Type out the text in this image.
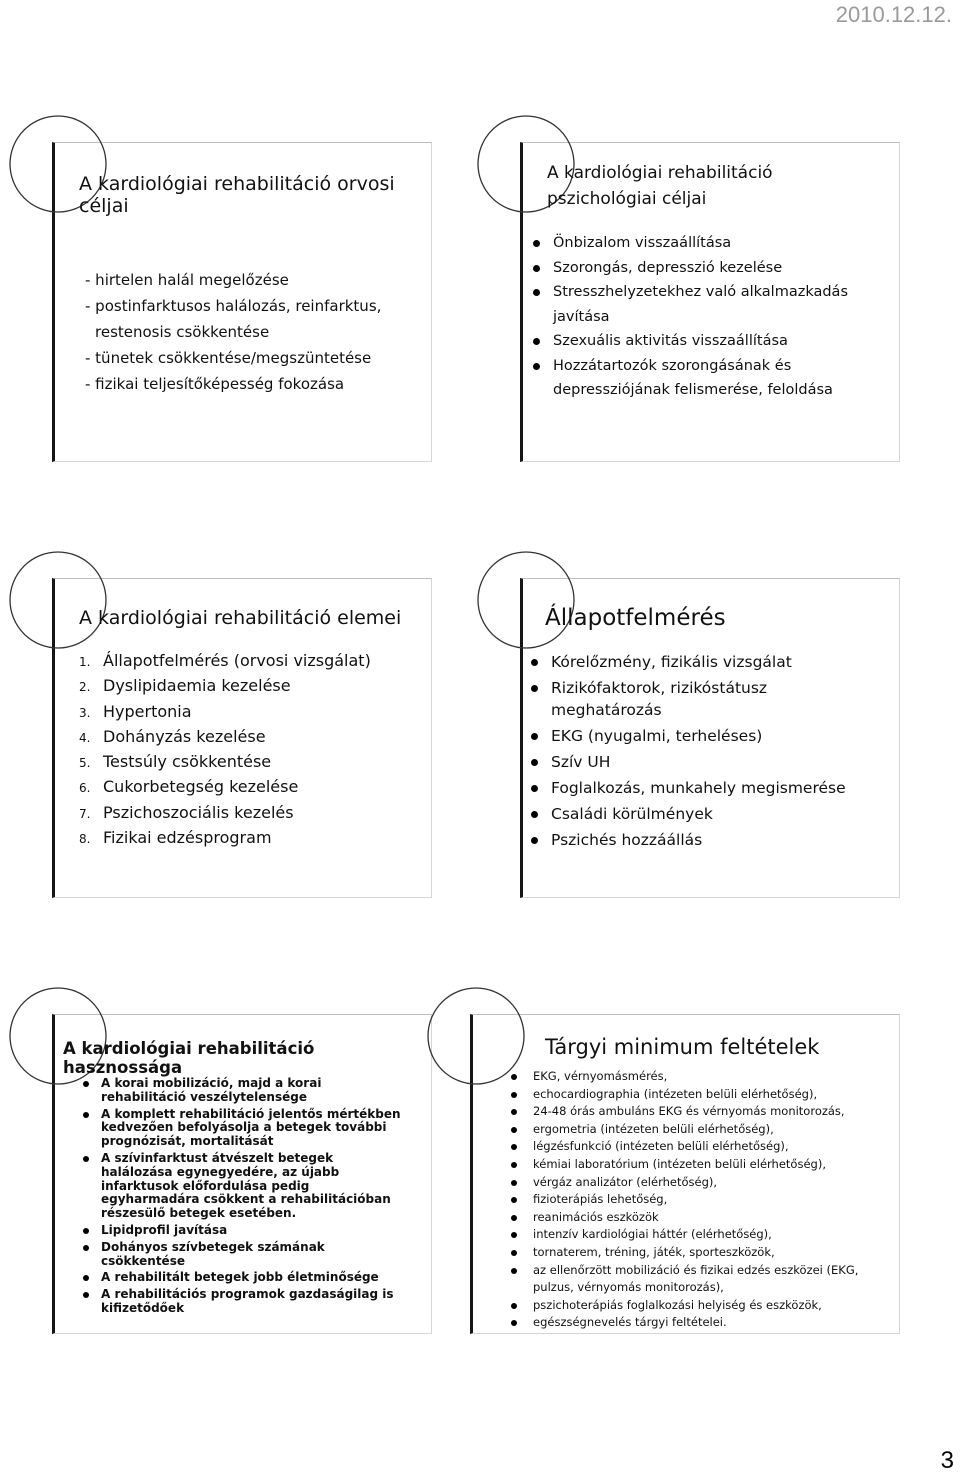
2010.12.12.
A kardiológiai rehabilitáció orvosi céljai
- hirtelen halál megelőzése
- postinfarktusos halálozás, reinfarktus, restenosis csökkentése
- tünetek csökkentése/megszüntetése
- fizikai teljesítőképesség fokozása
A kardiológiai rehabilitáció pszichológiai céljai
Önbizalom visszaállítása
Szorongás, depresszió kezelése
Stresszhelyzetekhez való alkalmazkadás javítása
Szexuális aktivitás visszaállítása
Hozzátartozók szorongásának és depressziójának felismerése, feloldása
A kardiológiai rehabilitáció elemei
1. Állapotfelmérés (orvosi vizsgálat)
2. Dyslipidaemia kezelése
3. Hypertonia
4. Dohányzás kezelése
5. Testsúly csökkentése
6. Cukorbetegség kezelése
7. Pszichoszociális kezelés
8. Fizikai edzésprogram
Állapotfelmérés
Kórelőzmény, fizikális vizsgálat
Rizikófaktorok, rizikóstátusz meghatározás
EKG (nyugalmi, terheléses)
Szív UH
Foglalkozás, munkahely megismerése
Családi körülmények
Pszichés hozzáállás
A kardiológiai rehabilitáció hasznossága
A korai mobilizáció, majd a korai rehabilitáció veszélytelensége
A komplett rehabilitáció jelentős mértékben kedvezően befolyásolja a betegek további prognózisát, mortalitását
A szívinfarktust átvészelt betegek halálozása egynegyedére, az újabb infarktusok előfordulása pedig egyharmadára csökkent a rehabilitációban részesülő betegek esetében.
Lipidprofil javítása
Dohányos szívbetegek számának csökkentése
A rehabilitált betegek jobb életminősége
A rehabilitációs programok gazdaságilag is kifizetődőek
Tárgyi minimum feltételek
EKG, vérnyomásmérés,
echocardiographia (intézeten belüli elérhetőség),
24-48 órás ambuláns EKG és vérnyomás monitorozás,
ergometria (intézeten belüli elérhetőség),
légzésfunkció (intézeten belüli elérhetőség),
kémiai laboratórium (intézeten belüli elérhetőség),
vérgáz analizátor (elérhetőség),
fizioterápiás lehetőség,
reanimációs eszközök
intenzív kardiológiai háttér (elérhetőség),
tornaterem, tréning, játék, sporteszközök,
az ellenőrzött mobilizáció és fizikai edzés eszközei (EKG, pulzus, vérnyomás monitorozás),
pszichoterápiás foglalkozási helyiség és eszközök,
egészségnevelés tárgyi feltételei.
3
